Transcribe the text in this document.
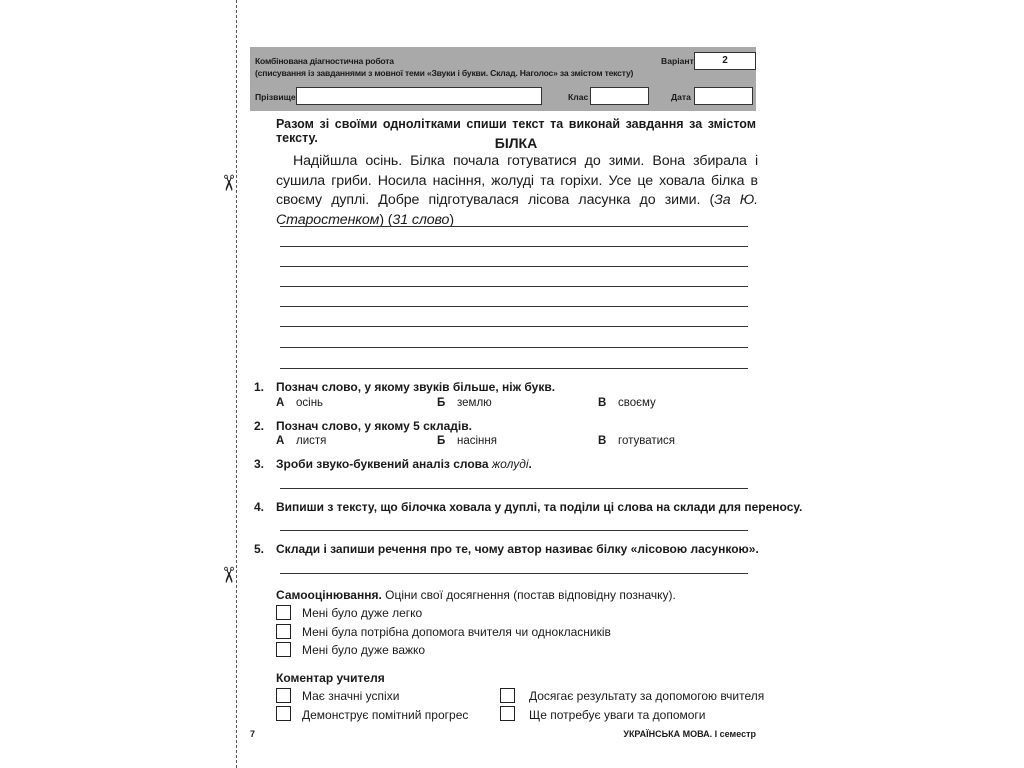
✂
✂
Комбінована діагностична робота
(списування із завданнями з мовної теми «Звуки і букви. Склад. Наголос» за змістом тексту)
Варіант	2
Прізвище	Клас	Дата
Разом зі своїми однолітками спиши текст та виконай завдання за змістом тексту.	БІЛКА
Надійшла осінь. Білка почала готуватися до зими. Вона збирала і сушила гриби. Носила насіння, жолуді та горіхи. Усе це ховала білка в своєму дуплі. Добре підготувалася лісова ласунка до зими. (За Ю. Старостенком) (31 слово)
1. Познач слово, у якому звуків більше, ніж букв.
А осінь	Б землю	В своєму
2. Познач слово, у якому 5 складів.
А листя	Б насіння	В готуватися
3. Зроби звуко-буквений аналіз слова жолуді.
4. Випиши з тексту, що білочка ховала у дуплі, та поділи ці слова на склади для переносу.
5. Склади і запиши речення про те, чому автор називає білку «лісовою ласункою».
Самооцінювання. Оціни свої досягнення (постав відповідну позначку).
Мені було дуже легко
Мені була потрібна допомога вчителя чи однокласників
Мені було дуже важко
Коментар учителя
Має значні успіхи	Досягає результату за допомогою вчителя
Демонструє помітний прогрес	Ще потребує уваги та допомоги
7	УКРАЇНСЬКА МОВА. І семестр
